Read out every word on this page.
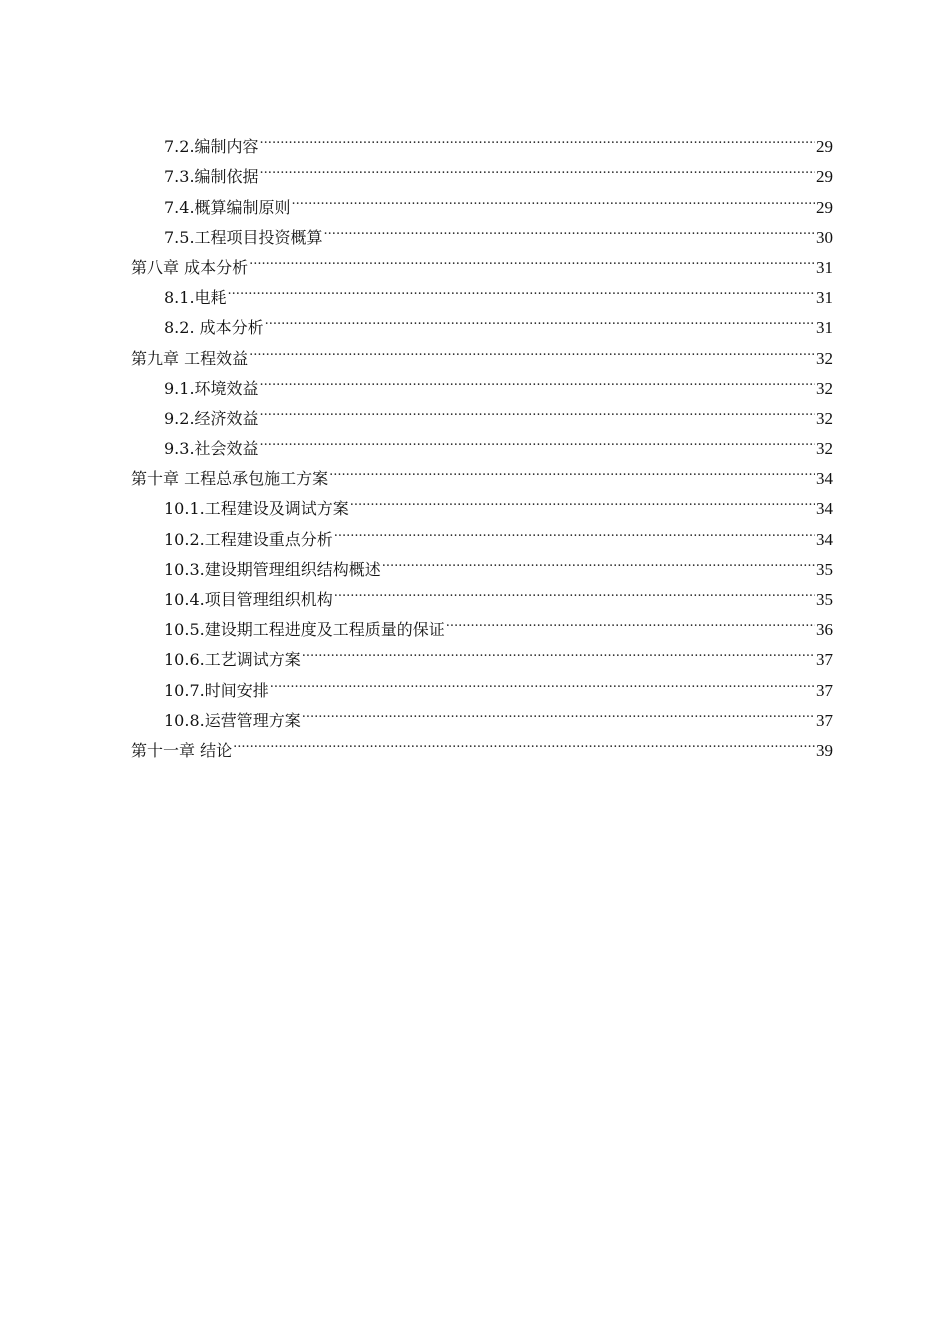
7.2.编制内容 .....	29
7.3.编制依据 .....	29
7.4.概算编制原则 .....	29
7.5.工程项目投资概算 .....	30
第八章 成本分析 .....	31
8.1.电耗 .....	31
8.2. 成本分析 .....	31
第九章 工程效益 .....	32
9.1.环境效益 .....	32
9.2.经济效益 .....	32
9.3.社会效益 .....	32
第十章 工程总承包施工方案 .....	34
10.1.工程建设及调试方案 .....	34
10.2.工程建设重点分析 .....	34
10.3.建设期管理组织结构概述 .....	35
10.4.项目管理组织机构 .....	35
10.5.建设期工程进度及工程质量的保证 .....	36
10.6.工艺调试方案 .....	37
10.7.时间安排 .....	37
10.8.运营管理方案 .....	37
第十一章 结论 .....	39
